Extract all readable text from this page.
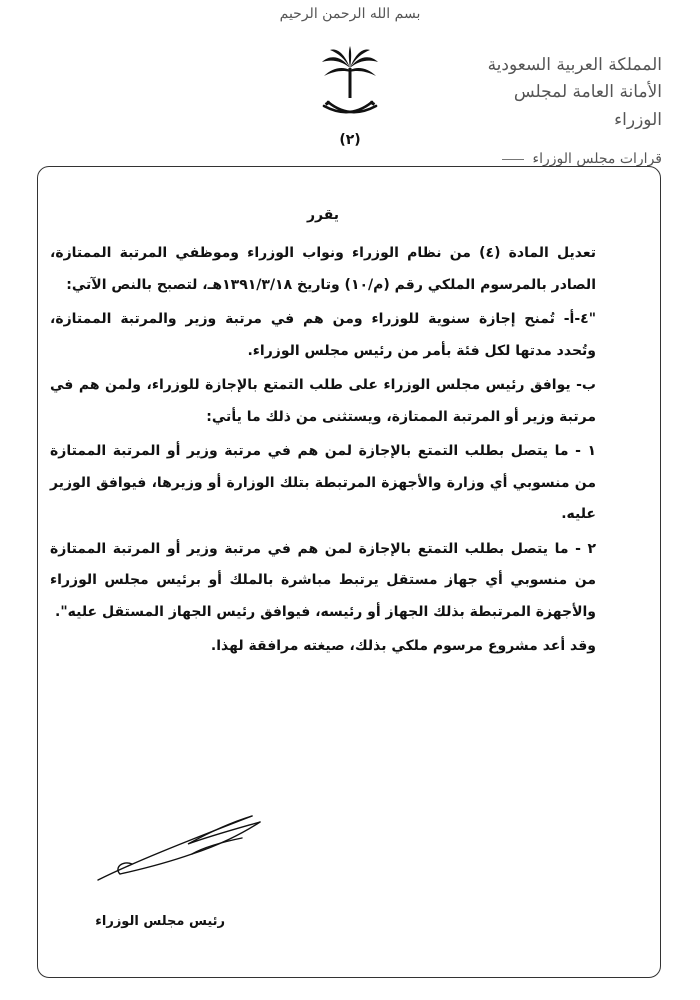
بسم الله الرحمن الرحيم
(٢)
المملكة العربية السعودية
الأمانة العامة لمجلس الوزراء
قرارات مجلس الوزراء
يقرر

تعديل المادة (٤) من نظام الوزراء ونواب الوزراء وموظفي المرتبة الممتازة، الصادر بالمرسوم الملكي رقم (م/١٠) وتاريخ ١٣٩١/٣/١٨هـ، لتصبح بالنص الآتي:

"٤-أ- تُمنح إجازة سنوية للوزراء ومن هم في مرتبة وزير والمرتبة الممتازة، وتُحدد مدتها لكل فئة بأمر من رئيس مجلس الوزراء.

ب- يوافق رئيس مجلس الوزراء على طلب التمتع بالإجازة للوزراء، ولمن هم في مرتبة وزير أو المرتبة الممتازة، ويستثنى من ذلك ما يأتي:

١ - ما يتصل بطلب التمتع بالإجازة لمن هم في مرتبة وزير أو المرتبة الممتازة من منسوبي أي وزارة والأجهزة المرتبطة بتلك الوزارة أو وزيرها، فيوافق الوزير عليه.

٢ - ما يتصل بطلب التمتع بالإجازة لمن هم في مرتبة وزير أو المرتبة الممتازة من منسوبي أي جهاز مستقل يرتبط مباشرة بالملك أو برئيس مجلس الوزراء والأجهزة المرتبطة بذلك الجهاز أو رئيسه، فيوافق رئيس الجهاز المستقل عليه".

وقد أعد مشروع مرسوم ملكي بذلك، صيغته مرافقة لهذا.

رئيس مجلس الوزراء
